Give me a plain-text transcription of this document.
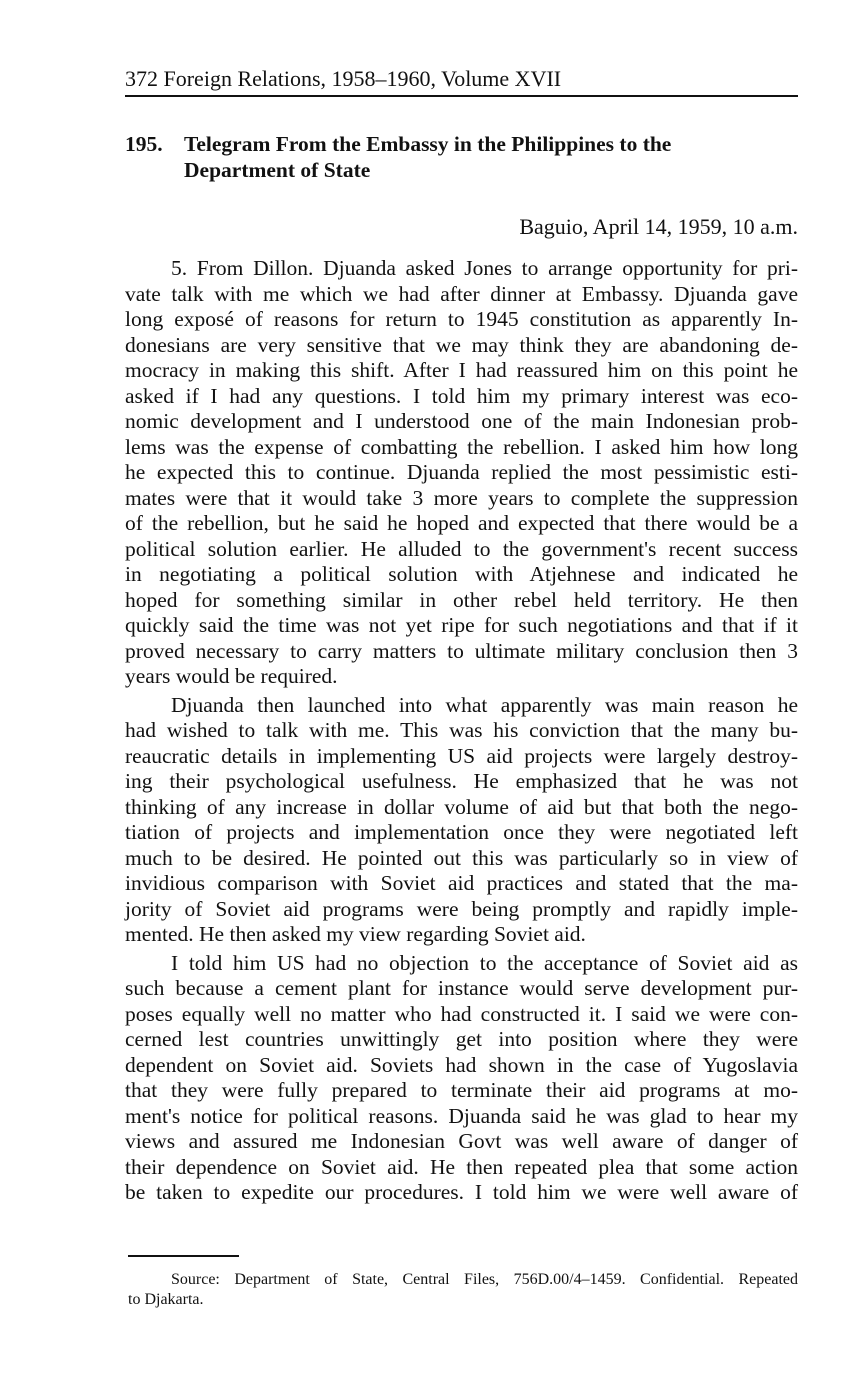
372 Foreign Relations, 1958–1960, Volume XVII
195. Telegram From the Embassy in the Philippines to the
Department of State
Baguio, April 14, 1959, 10 a.m.
5. From Dillon. Djuanda asked Jones to arrange opportunity for pri-
vate talk with me which we had after dinner at Embassy. Djuanda gave
long exposé of reasons for return to 1945 constitution as apparently In-
donesians are very sensitive that we may think they are abandoning de-
mocracy in making this shift. After I had reassured him on this point he
asked if I had any questions. I told him my primary interest was eco-
nomic development and I understood one of the main Indonesian prob-
lems was the expense of combatting the rebellion. I asked him how long
he expected this to continue. Djuanda replied the most pessimistic esti-
mates were that it would take 3 more years to complete the suppression
of the rebellion, but he said he hoped and expected that there would be a
political solution earlier. He alluded to the government's recent success
in negotiating a political solution with Atjehnese and indicated he
hoped for something similar in other rebel held territory. He then
quickly said the time was not yet ripe for such negotiations and that if it
proved necessary to carry matters to ultimate military conclusion then 3
years would be required.
Djuanda then launched into what apparently was main reason he
had wished to talk with me. This was his conviction that the many bu-
reaucratic details in implementing US aid projects were largely destroy-
ing their psychological usefulness. He emphasized that he was not
thinking of any increase in dollar volume of aid but that both the nego-
tiation of projects and implementation once they were negotiated left
much to be desired. He pointed out this was particularly so in view of
invidious comparison with Soviet aid practices and stated that the ma-
jority of Soviet aid programs were being promptly and rapidly imple-
mented. He then asked my view regarding Soviet aid.
I told him US had no objection to the acceptance of Soviet aid as
such because a cement plant for instance would serve development pur-
poses equally well no matter who had constructed it. I said we were con-
cerned lest countries unwittingly get into position where they were
dependent on Soviet aid. Soviets had shown in the case of Yugoslavia
that they were fully prepared to terminate their aid programs at mo-
ment's notice for political reasons. Djuanda said he was glad to hear my
views and assured me Indonesian Govt was well aware of danger of
their dependence on Soviet aid. He then repeated plea that some action
be taken to expedite our procedures. I told him we were well aware of
Source: Department of State, Central Files, 756D.00/4–1459. Confidential. Repeated
to Djakarta.
